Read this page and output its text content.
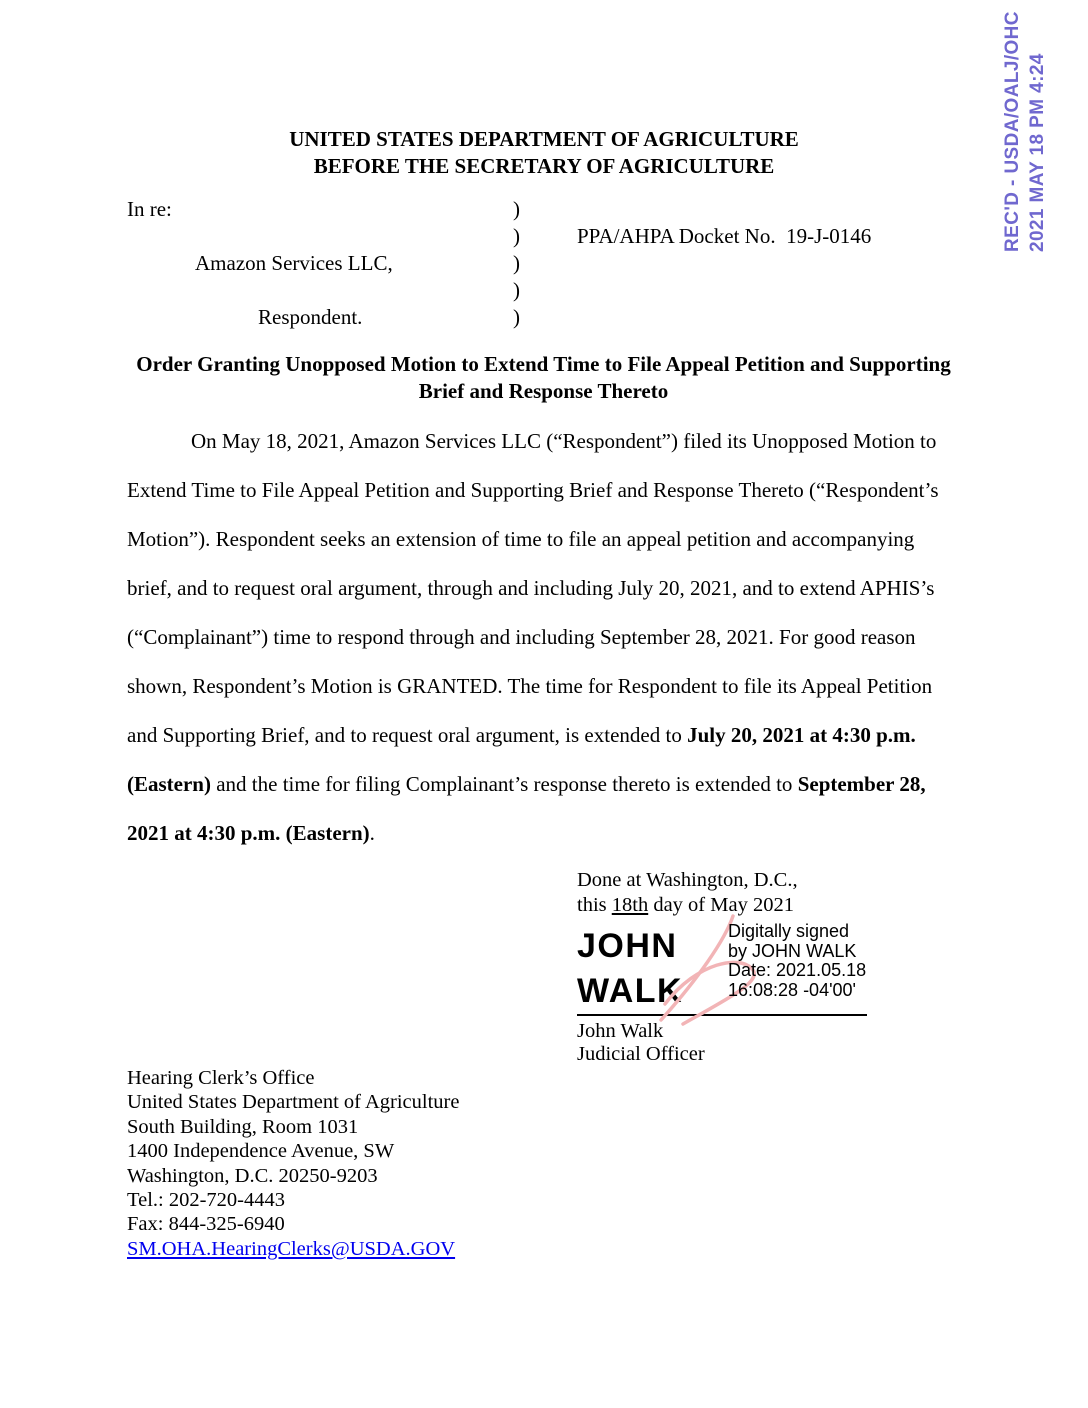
REC'D - USDA/OALJ/OHC 2021 MAY 18 PM 4:24
UNITED STATES DEPARTMENT OF AGRICULTURE
BEFORE THE SECRETARY OF AGRICULTURE
In re:
Amazon Services LLC,
Respondent.
)
)
)
)
)
PPA/AHPA Docket No.  19-J-0146
Order Granting Unopposed Motion to Extend Time to File Appeal Petition and Supporting
Brief and Response Thereto
On May 18, 2021, Amazon Services LLC (“Respondent”) filed its Unopposed Motion to
Extend Time to File Appeal Petition and Supporting Brief and Response Thereto (“Respondent’s
Motion”). Respondent seeks an extension of time to file an appeal petition and accompanying
brief, and to request oral argument, through and including July 20, 2021, and to extend APHIS’s
(“Complainant”) time to respond through and including September 28, 2021. For good reason
shown, Respondent’s Motion is GRANTED. The time for Respondent to file its Appeal Petition
and Supporting Brief, and to request oral argument, is extended to July 20, 2021 at 4:30 p.m.
(Eastern) and the time for filing Complainant’s response thereto is extended to September 28,
2021 at 4:30 p.m. (Eastern).
Done at Washington, D.C.,
this 18th day of May 2021
JOHN
WALK
Digitally signed
by JOHN WALK
Date: 2021.05.18
16:08:28 -04'00'
John Walk
Judicial Officer
Hearing Clerk’s Office
United States Department of Agriculture
South Building, Room 1031
1400 Independence Avenue, SW
Washington, D.C. 20250-9203
Tel.: 202-720-4443
Fax: 844-325-6940
SM.OHA.HearingClerks@USDA.GOV
